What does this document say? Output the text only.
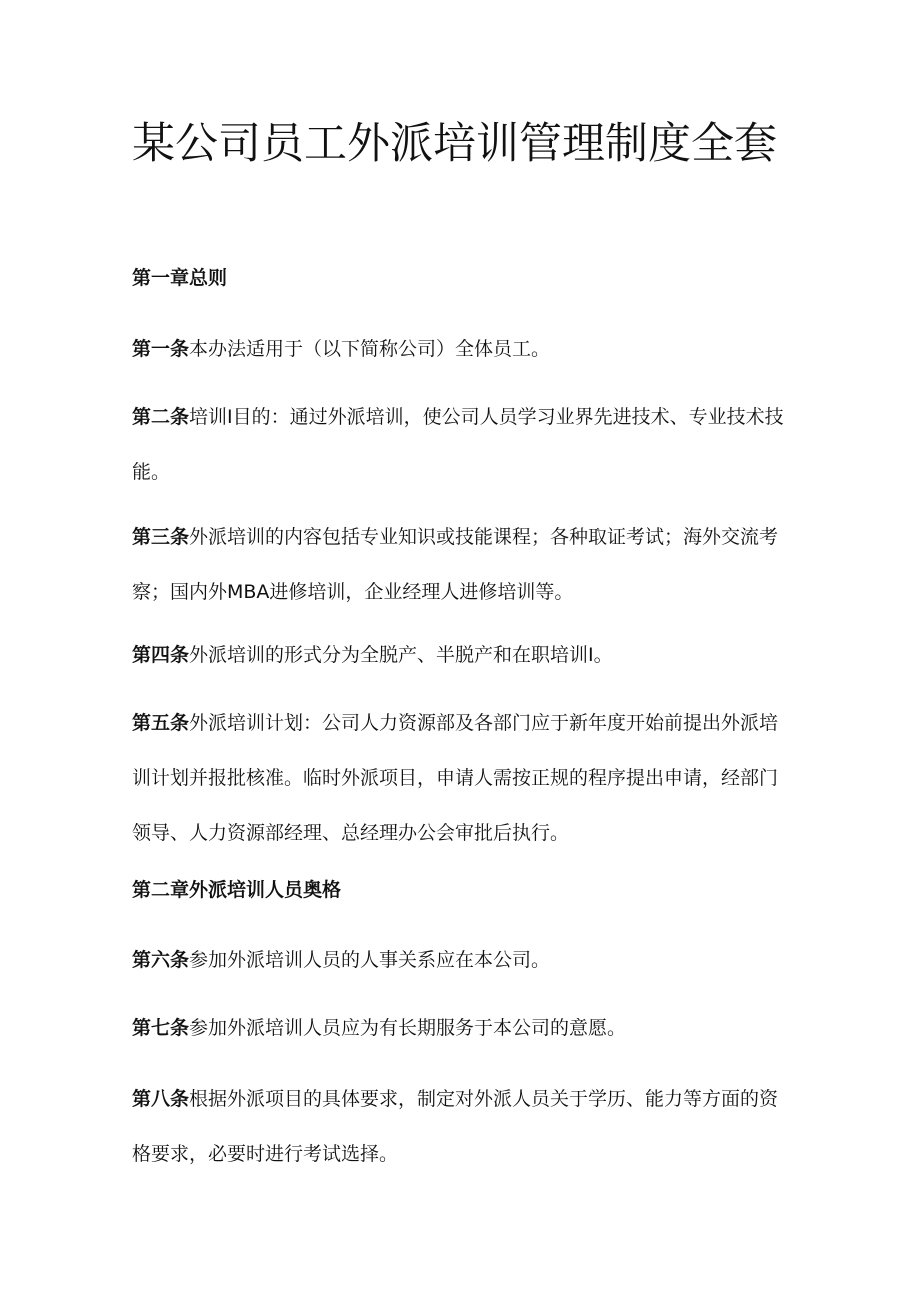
某公司员工外派培训管理制度全套
第一章总则

第一条本办法适用于（以下简称公司）全体员工。

第二条培训I目的：通过外派培训，使公司人员学习业界先进技术、专业技术技能。

第三条外派培训的内容包括专业知识或技能课程；各种取证考试；海外交流考察；国内外MBA进修培训，企业经理人进修培训等。

第四条外派培训的形式分为全脱产、半脱产和在职培训I。

第五条外派培训计划：公司人力资源部及各部门应于新年度开始前提出外派培训计划并报批核准。临时外派项目，申请人需按正规的程序提出申请，经部门领导、人力资源部经理、总经理办公会审批后执行。

第二章外派培训人员奥格

第六条参加外派培训人员的人事关系应在本公司。

第七条参加外派培训人员应为有长期服务于本公司的意愿。

第八条根据外派项目的具体要求，制定对外派人员关于学历、能力等方面的资格要求，必要时进行考试选择。
